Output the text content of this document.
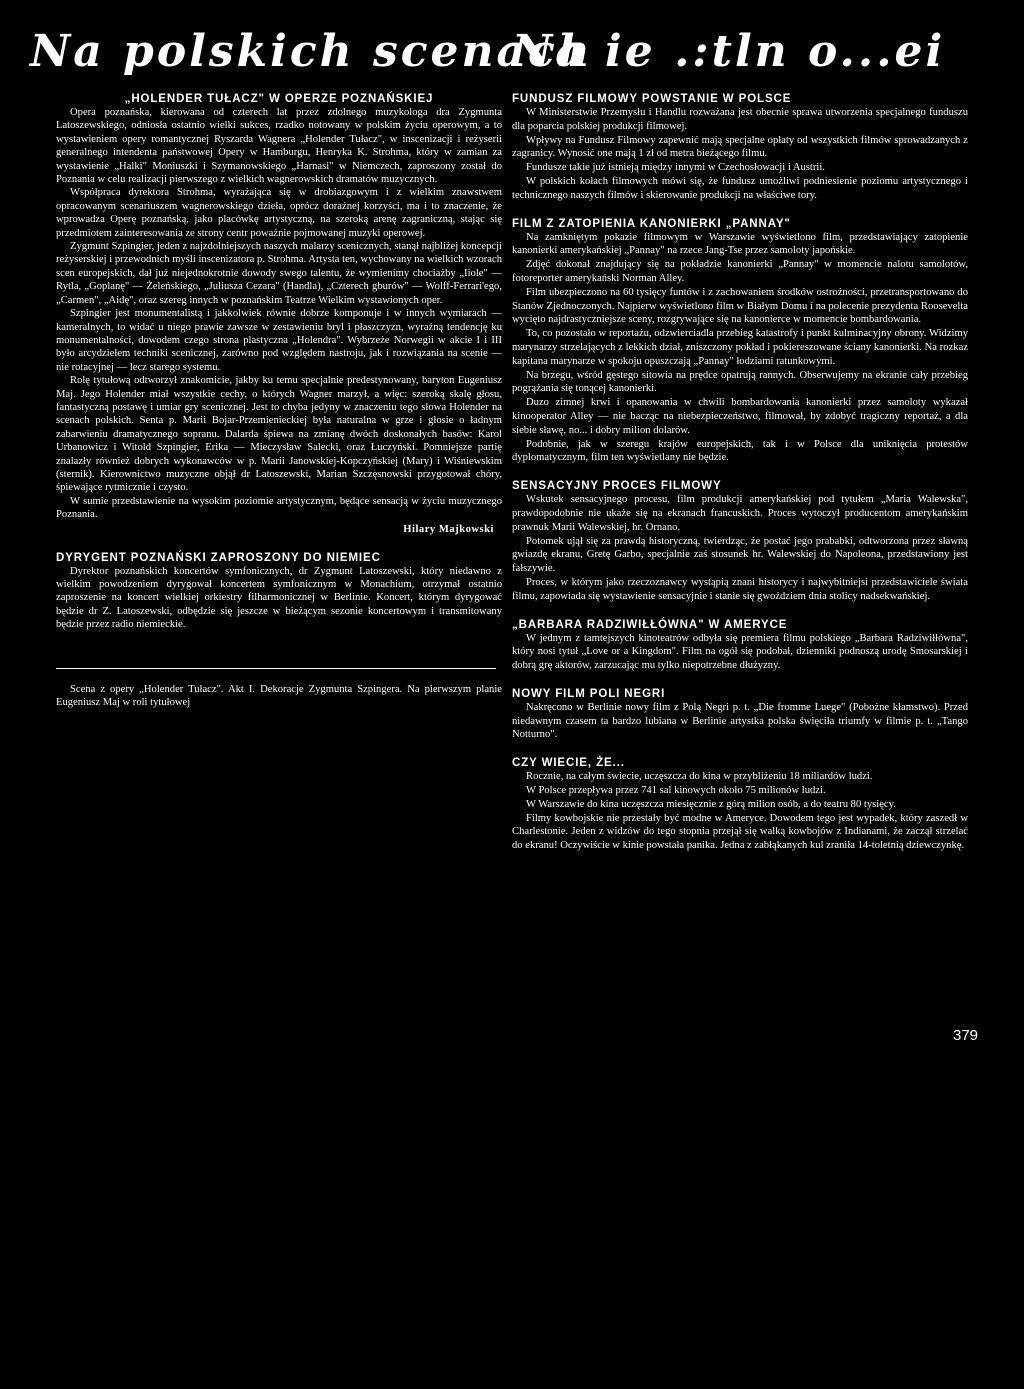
Na polskich scenach
Na ie .:tln o...ei
„HOLENDER TUŁACZ" W OPERZE POZNAŃSKIEJ

Opera poznańska, kierowana od czterech lat przez zdolnego muzykologa dra Zygmunta Latoszewskiego, odniosła ostatnio wielki sukces, rzadko notowany w polskim życiu operowym, a to wystawieniem opery romantycznej Ryszarda Wagnera „Holender Tułacz", w inscenizacji i reżyserii generalnego intendenta państwowej Opery w Hamburgu, Henryka K. Strohma, który w zamian za wystawienie „Halki" Moniuszki i Szymanowskiego „Harnasi" w Niemczech, zaproszony został do Poznania w celu realizacji pierwszego z wielkich wagnerowskich dramatów muzycznych.

Współpraca dyrektora Strohma, wyrażająca się w drobiazgowym i z wielkim znawstwem opracowanym scenariuszem wagnerowskiego dzieła, oprócz doraźnej korzyści, ma i to znaczenie, że wprowadza Operę poznańską, jako placówkę artystyczną, na szeroką arenę zagraniczną, stając się przedmiotem zainteresowania ze strony centr poważnie pojmowanej muzyki operowej.

Zygmunt Szpingier, jeden z najzdolniejszych naszych malarzy scenicznych, stanął najbliżej koncepcji reżyserskiej i przewodnich myśli inscenizatora p. Strohma. Artysta ten, wychowany na wielkich wzorach scen europejskich, dał już niejednokrotnie dowody swego talentu, że wymienimy chociażby „Iiole" — Rytla, „Goplanę" — Żeleńskiego, „Juliusza Cezara" (Handla), „Czterech gburów" — Wolff-Ferrari'ego, „Carmen", „Aidę", oraz szereg innych w poznańskim Teatrze Wielkim wystawionych oper.

Szpingier jest monumentalistą i jakkolwiek równie dobrze komponuje i w innych wymiarach — kameralnych, to widać u niego prawie zawsze w zestawieniu bryl i płaszczyzn, wyraźną tendencję ku monumentalności, dowodem czego strona plastyczna „Holendra". Wybrzeże Norwegii w akcie I i III było arcydziełem techniki scenicznej, zarówno pod względem nastroju, jak i rozwiązania na scenie — nie rotacyjnej — lecz starego systemu.

Rolę tytułową odtworzył znakomicie, jakby ku temu specjalnie predestynowany, baryton Eugeniusz Maj. Jego Holender miał wszystkie cechy, o których Wagner marzył, a więc: szeroką skalę głosu, fantastyczną postawę i umiar gry scenicznej. Jest to chyba jedyny w znaczeniu tego słowa Holender na scenach polskich. Senta p. Marii Bojar-Przemienieckiej była naturalna w grze i głosie o ładnym zabarwieniu dramatycznego sopranu. Dalarda śpiewa na zmianę dwóch doskonałych basów: Karol Urbanowicz i Witold Szpingier, Erika — Mieczysław Salecki, oraz Łuczyński. Pomniejsze partię znalazły również dobrych wykonawców w p. Marii Janowskiej-Kopczyńskiej (Mary) i Wiśniewskim (sternik). Kierownictwo muzyczne objął dr Latoszewski, Marian Szczęsnowski przygotował chóry, śpiewające rytmicznie i czysto.

W sumie przedstawienie na wysokim poziomie artystycznym, będące sensacją w życiu muzycznego Poznania.

Hilary Majkowski
DYRYGENT POZNAŃSKI ZAPROSZONY DO NIEMIEC

Dyrektor poznańskich koncertów symfonicznych, dr Zygmunt Latoszewski, który niedawno z wielkim powodzeniem dyrygował koncertem symfonicznym w Monachium, otrzymał ostatnio zaproszenie na koncert wielkiej orkiestry filharmonicznej w Berlinie. Koncert, którym dyrygować będzie dr Z. Latoszewski, odbędzie się jeszcze w bieżącym sezonie koncertowym i transmitowany będzie przez radio niemieckie.

Scena z opery „Holender Tułacz". Akt I. Dekoracje Zygmunta Szpingera. Na pierwszym planie Eugeniusz Maj w roli tytułowej

FUNDUSZ FILMOWY POWSTANIE W POLSCE

W Ministerstwie Przemysłu i Handlu rozważana jest obecnie sprawa utworzenia specjalnego funduszu dla poparcia polskiej produkcji filmowej.

Wpływy na Fundusz Filmowy zapewnić mają specjalne opłaty od wszystkich filmów sprowadzanych z zagranicy. Wynosić one mają 1 zł od metra bieżącego filmu.

Fundusze takie już istnieją między innymi w Czechosłowacji i Austrii.

W polskich kołach filmowych mówi się, że fundusz umożliwi podniesienie poziomu artystycznego i technicznego naszych filmów i skierowanie produkcji na właściwe tory.

FILM Z ZATOPIENIA KANONIERKI „PANNAY"

Na zamkniętym pokazie filmowym w Warszawie wyświetlono film, przedstawiający zatopienie kanonierki amerykańskiej „Pannay" na rzece Jang-Tse przez samoloty japońskie.

Zdjęć dokonał znajdujący się na pokładzie kanonierki „Pannay" w momencie nalotu samolotów, fotoreporter amerykański Norman Alley.

Film ubezpieczono na 60 tysięcy funtów i z zachowaniem środków ostrożności, przetransportowano do Stanów Zjednoczonych. Najpierw wyświetlono film w Białym Domu i na polecenie prezydenta Roosevelta wycięto najdrastyczniejsze sceny, rozgrywające się na kanonierce w momencie bombardowania.

To, co pozostało w reportażu, odzwierciadla przebieg katastrofy i punkt kulminacyjny obrony. Widzimy marynarzy strzelających z lekkich dział, zniszczony pokład i pokiereszowane ściany kanonierki. Na rozkaz kapitana marynarze w spokoju opuszczają „Pannay" łodziami ratunkowymi.

Na brzegu, wśród gęstego sitowia na prędce opatrują rannych. Obserwujemy na ekranie cały przebieg pogrążania się tonącej kanonierki.

Duzo zimnej krwi i opanowania w chwili bombardowania kanonierki przez samoloty wykazał kinooperator Alley — nie bacząc na niebezpieczeństwo, filmował, by zdobyć tragiczny reportaż, a dla siebie sławę, no... i dobry milion dolarów.

Podobnie, jak w szeregu krajów europejskich, tak i w Polsce dla uniknięcia protestów dyplomatycznym, film ten wyświetlany nie będzie.

SENSACYJNY PROCES FILMOWY

Wskutek sensacyjnego procesu, film produkcji amerykańskiej pod tytułem „Maria Walewska", prawdopodobnie nie ukaże się na ekranach francuskich. Proces wytoczył producentom amerykańskim prawnuk Marii Walewskiej, hr. Ornano.

Potomek ujął się za prawdą historyczną, twierdząc, że postać jego prababki, odtworzona przez sławną gwiazdę ekranu, Gretę Garbo, specjalnie zaś stosunek hr. Walewskiej do Napoleona, przedstawiony jest fałszywie.

Proces, w którym jako rzeczoznawcy wystąpią znani historycy i najwybitniejsi przedstawiciele świata filmu, zapowiada się wystawienie sensacyjnie i stanie się gwoździem dnia stolicy nadsekwańskiej.

„BARBARA RADZIWIŁŁÓWNA" W AMERYCE

W jednym z tamtejszych kinoteatrów odbyła się premiera filmu polskiego „Barbara Radziwiłłówna", który nosi tytuł „Love or a Kingdom". Film na ogół się podobał, dzienniki podnoszą urodę Smosarskiej i dobrą grę aktorów, zarzucając mu tylko niepotrzebne dłużyzny.

NOWY FILM POLI NEGRI

Nakręcono w Berlinie nowy film z Polą Negri p. t. „Die fromme Luege" (Pobożne kłamstwo). Przed niedawnym czasem ta bardzo lubiana w Berlinie artystka polska święciła triumfy w filmie p. t. „Tango Notturno".

CZY WIECIE, ŻE...

Rocznie, na całym świecie, uczęszcza do kina w przybliżeniu 18 miliardów ludzi.

W Polsce przepływa przez 741 sal kinowych około 75 milionów ludzi.

W Warszawie do kina uczęszcza miesięcznie z górą milion osób, a do teatru 80 tysięcy.

Filmy kowbojskie nie przestały być modne w Ameryce. Dowodem tego jest wypadek, który zaszedł w Charlestonie. Jeden z widzów do tego stopnia przejął się walką kowbojów z Indianami, że zaczął strzelać do ekranu! Oczywiście w kinie powstała panika. Jedna z zabłąkanych kul zraniła 14-toletnią dziewczynkę.

379
